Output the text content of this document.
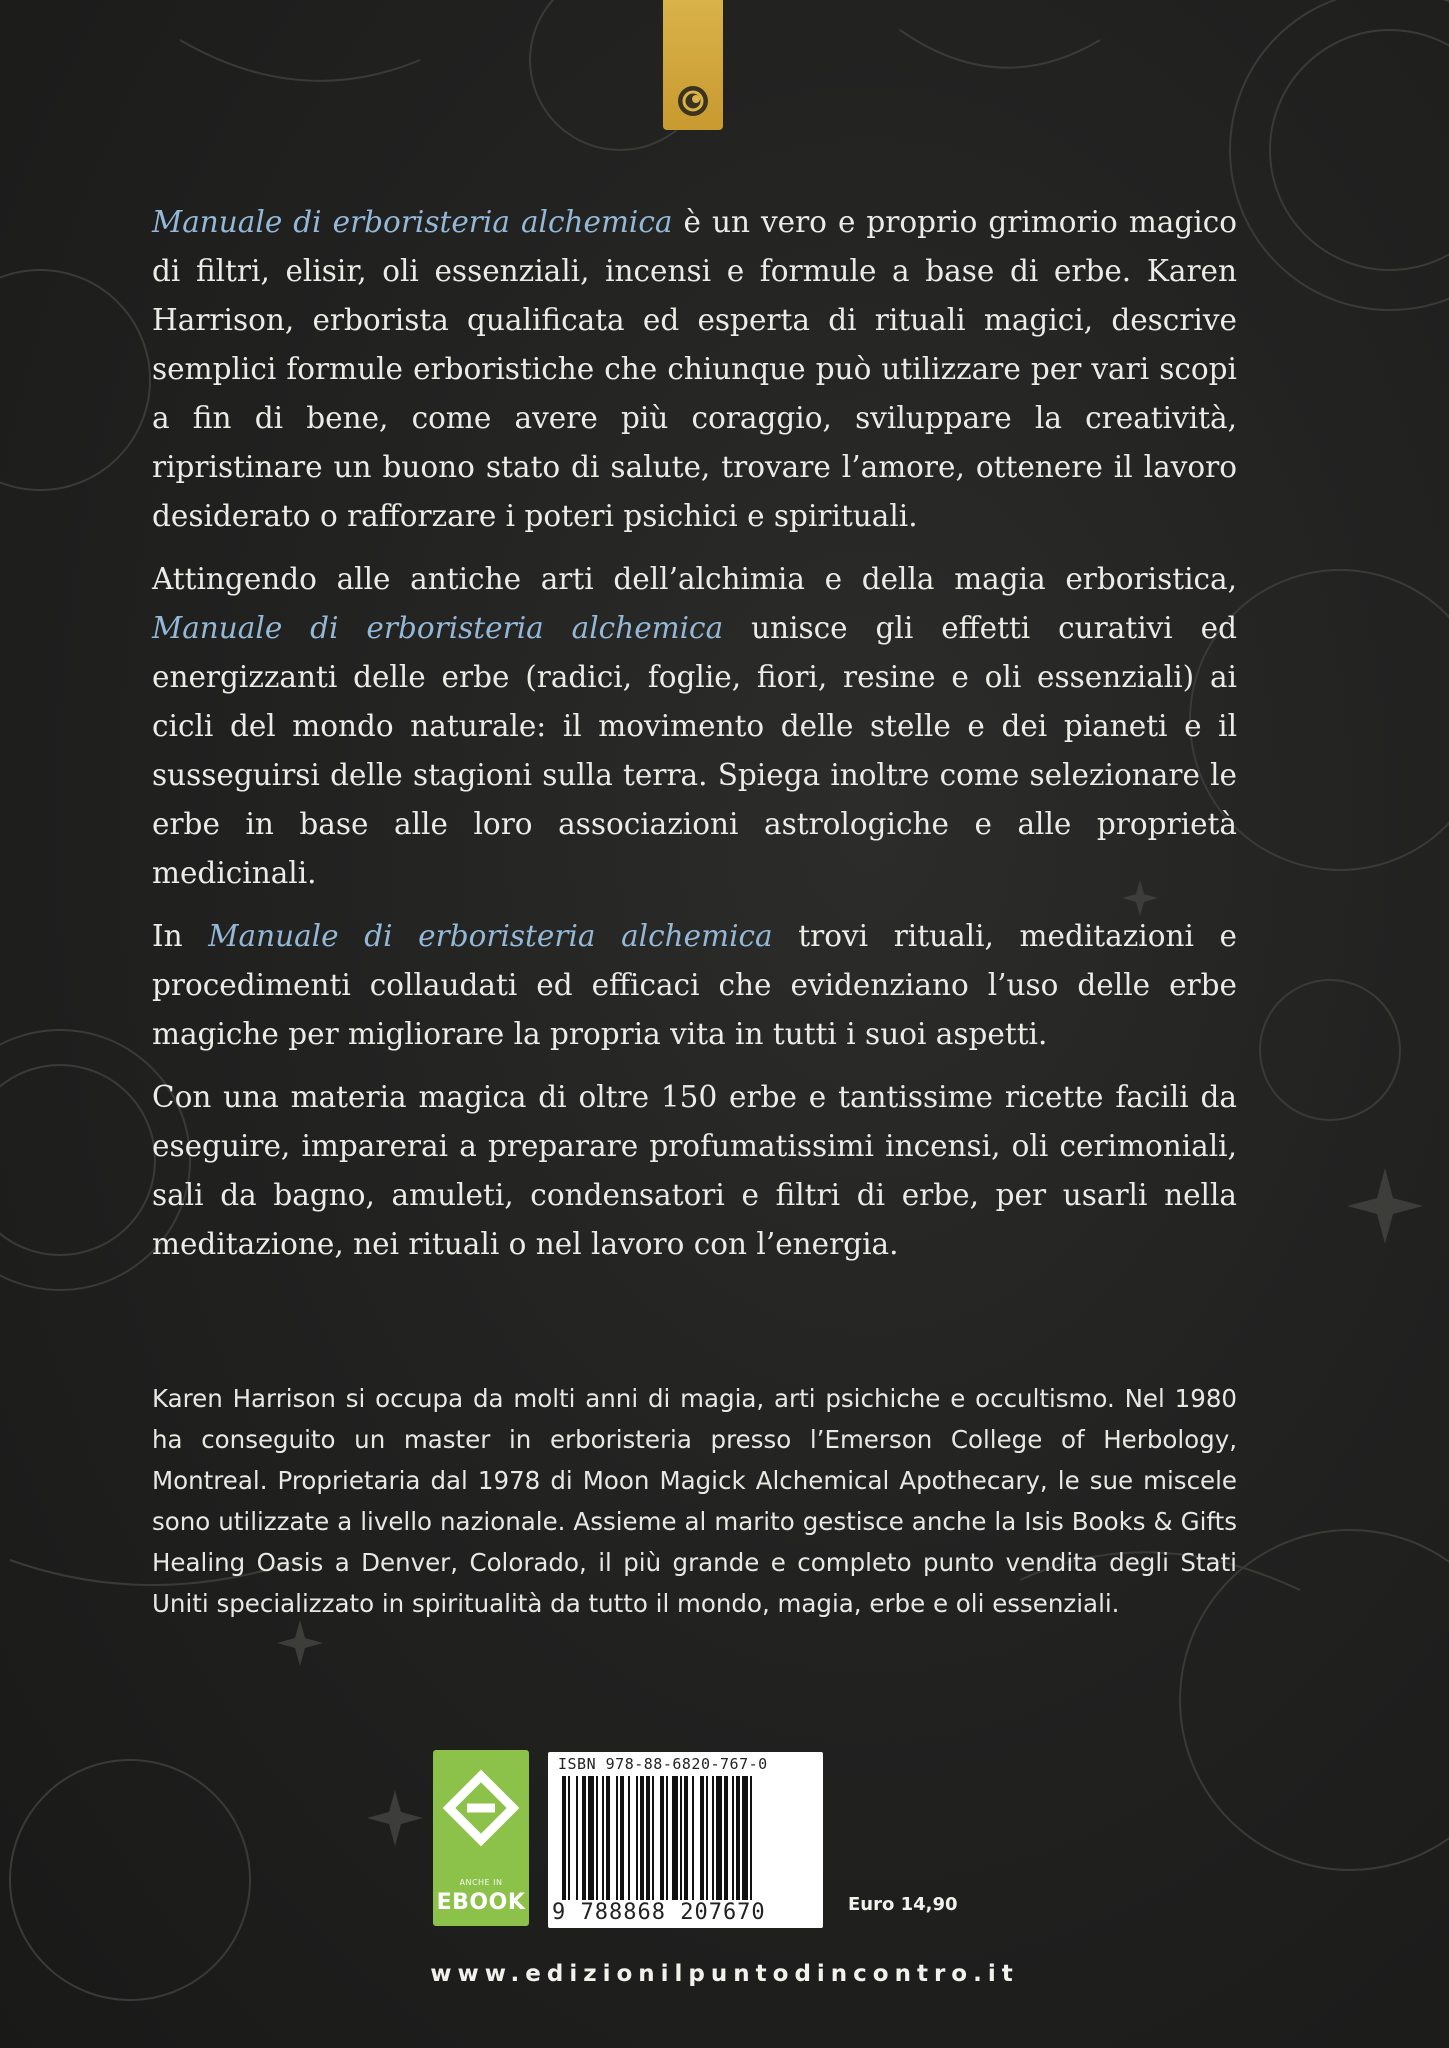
Manuale di erboristeria alchemica è un vero e proprio grimorio magico di filtri, elisir, oli essenziali, incensi e formule a base di erbe. Karen Harrison, erborista qualificata ed esperta di rituali magici, descrive semplici formule erboristiche che chiunque può utilizzare per vari scopi a fin di bene, come avere più coraggio, sviluppare la creatività, ripristinare un buono stato di salute, trovare l’amore, ottenere il lavoro desiderato o rafforzare i poteri psichici e spirituali.

Attingendo alle antiche arti dell’alchimia e della magia erboristica, Manuale di erboristeria alchemica unisce gli effetti curativi ed energizzanti delle erbe (radici, foglie, fiori, resine e oli essenziali) ai cicli del mondo naturale: il movimento delle stelle e dei pianeti e il susseguirsi delle stagioni sulla terra. Spiega inoltre come selezionare le erbe in base alle loro associazioni astrologiche e alle proprietà medicinali.

In Manuale di erboristeria alchemica trovi rituali, meditazioni e procedimenti collaudati ed efficaci che evidenziano l’uso delle erbe magiche per migliorare la propria vita in tutti i suoi aspetti.

Con una materia magica di oltre 150 erbe e tantissime ricette facili da eseguire, imparerai a preparare profumatissimi incensi, oli cerimoniali, sali da bagno, amuleti, condensatori e filtri di erbe, per usarli nella meditazione, nei rituali o nel lavoro con l’energia.

Karen Harrison si occupa da molti anni di magia, arti psichiche e occultismo. Nel 1980 ha conseguito un master in erboristeria presso l’Emerson College of Herbology, Montreal. Proprietaria dal 1978 di Moon Magick Alchemical Apothecary, le sue miscele sono utilizzate a livello nazionale. Assieme al marito gestisce anche la Isis Books & Gifts Healing Oasis a Denver, Colorado, il più grande e completo punto vendita degli Stati Uniti specializzato in spiritualità da tutto il mondo, magia, erbe e oli essenziali.

ANCHE IN
EBOOK
ISBN 978-88-6820-767-0
9 788868 207670	Euro 14,90
www.edizionilpuntodincontro.it
